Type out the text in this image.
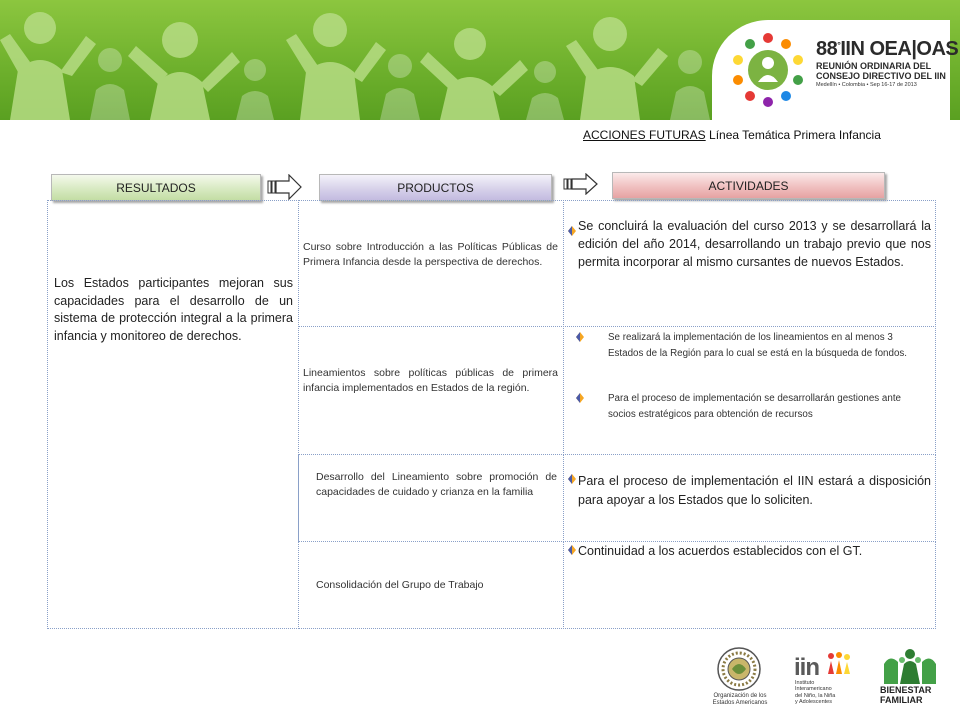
88°IIN OEA|OAS
REUNIÓN ORDINARIA DEL
CONSEJO DIRECTIVO DEL IIN
Medellín • Colombia • Sep 16-17 de 2013
ACCIONES FUTURAS Línea Temática Primera Infancia
RESULTADOS	PRODUCTOS	ACTIVIDADES
Los Estados participantes mejoran sus capacidades para el desarrollo de un sistema de protección integral a la primera infancia y monitoreo de derechos.
Curso sobre Introducción a las Políticas Públicas de Primera Infancia desde la perspectiva de derechos.
Lineamientos sobre políticas públicas de primera infancia implementados en Estados de la región.
Desarrollo del Lineamiento sobre promoción de capacidades de cuidado y crianza en la familia
Consolidación del Grupo de Trabajo
Se concluirá la evaluación del curso 2013 y se desarrollará la edición del año 2014, desarrollando un trabajo previo que nos permita incorporar al mismo cursantes de nuevos Estados.
Se realizará la implementación de los lineamientos en al menos 3 Estados de la Región para lo cual se está en la búsqueda de fondos.
Para el proceso de implementación se desarrollarán gestiones ante socios estratégicos para obtención de recursos
Para el proceso de implementación el IIN estará a disposición para apoyar a los Estados que lo soliciten.
Continuidad a los acuerdos establecidos con el GT.
Organización de los
Estados Americanos
iin
Instituto
Interamericano
del Niño, la Niña
y Adolescentes
BIENESTAR
FAMILIAR
